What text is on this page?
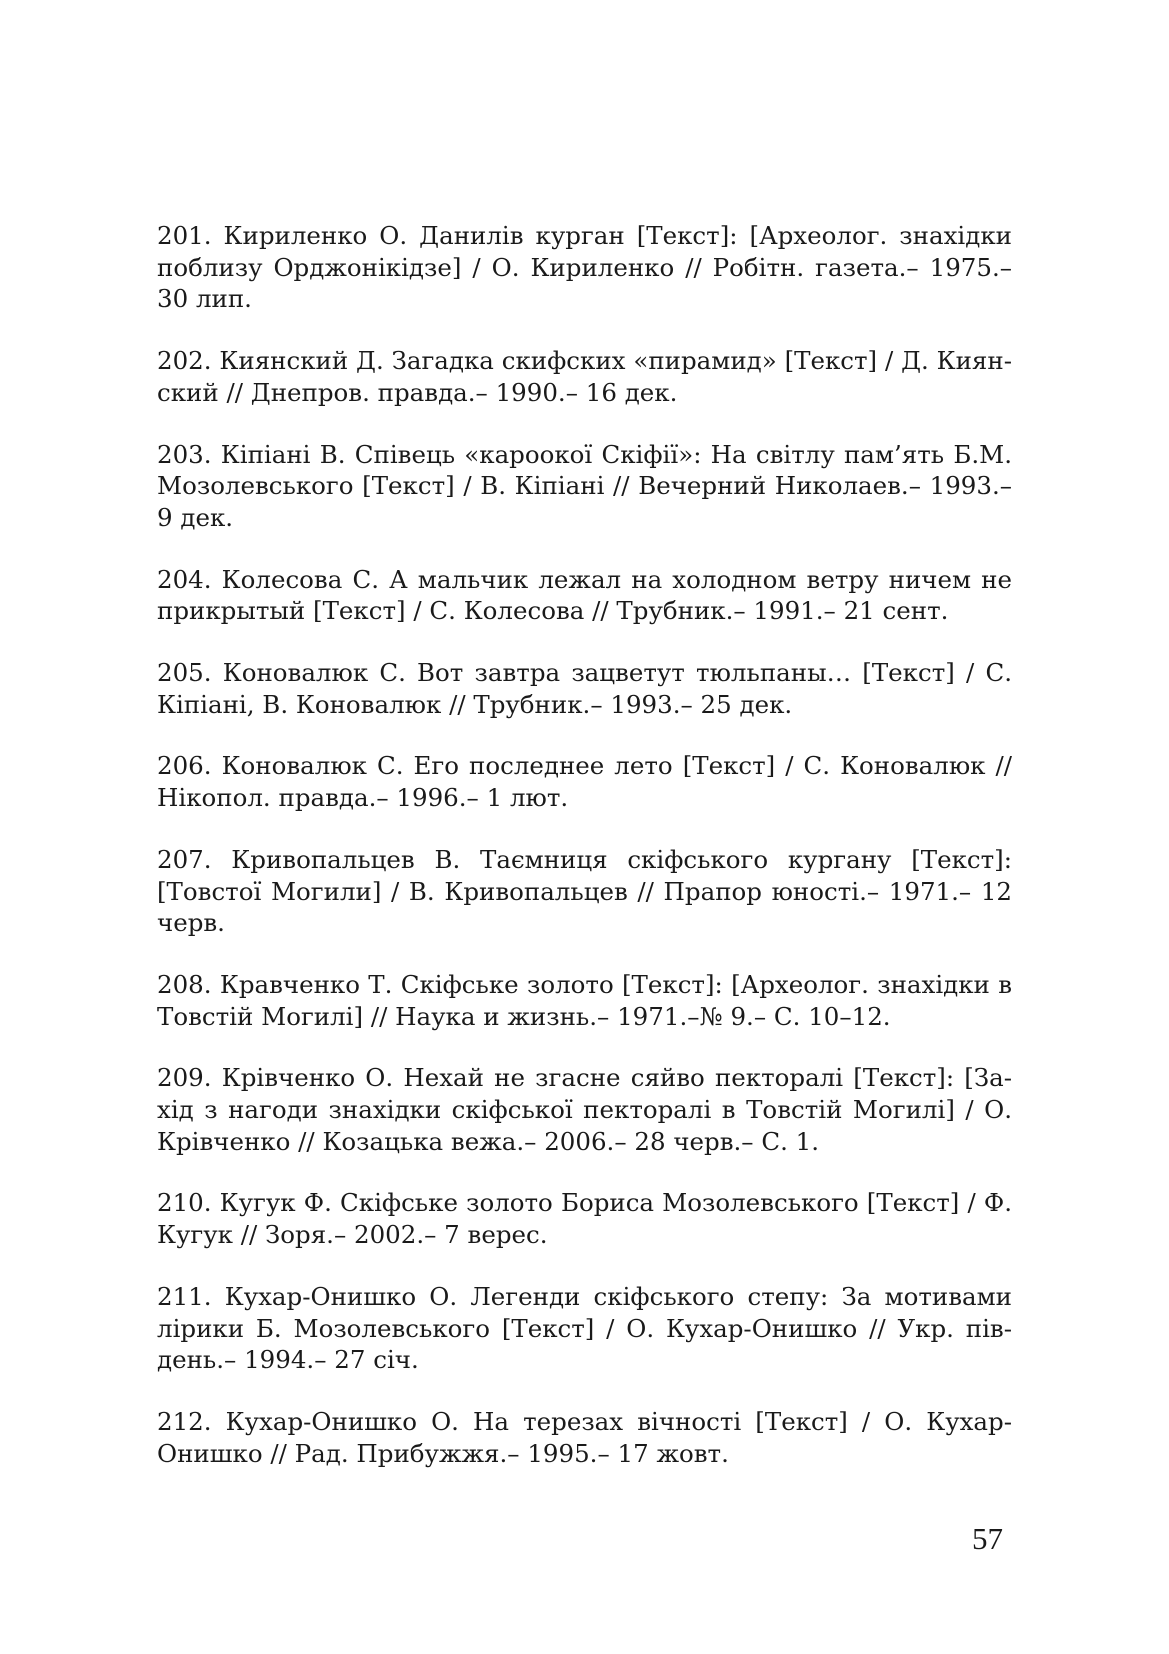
201. Кириленко О. Данилів курган [Текст]: [Археолог. знахідки поблизу Орджонікідзе] / О. Кириленко // Робітн. газета.– 1975.– 30 лип.
202. Киянский Д. Загадка скифских «пирамид» [Текст] / Д. Киянский // Днепров. правда.– 1990.– 16 дек.
203. Кіпіані В. Співець «кароокої Скіфії»: На світлу пам’ять Б.М. Мозолевського [Текст] / В. Кіпіані // Вечерний Николаев.– 1993.– 9 дек.
204. Колесова С. А мальчик лежал на холодном ветру ничем не прикрытый [Текст] / С. Колесова // Трубник.– 1991.– 21 сент.
205. Коновалюк С. Вот завтра зацветут тюльпаны… [Текст] / С. Кіпіані, В. Коновалюк // Трубник.– 1993.– 25 дек.
206. Коновалюк С. Его последнее лето [Текст] / С. Коновалюк // Нікопол. правда.– 1996.– 1 лют.
207. Кривопальцев В. Таємниця скіфського кургану [Текст]: [Товстої Могили] / В. Кривопальцев // Прапор юності.– 1971.– 12 черв.
208. Кравченко Т. Скіфське золото [Текст]: [Археолог. знахідки в Товстій Могилі] // Наука и жизнь.– 1971.–№ 9.– С. 10–12.
209. Крівченко О. Нехай не згасне сяйво пекторалі [Текст]: [Захід з нагоди знахідки скіфської пекторалі в Товстій Могилі] / О. Крівченко // Козацька вежа.– 2006.– 28 черв.– С. 1.
210. Кугук Ф. Скіфське золото Бориса Мозолевського [Текст] / Ф. Кугук // Зоря.– 2002.– 7 верес.
211. Кухар-Онишко О. Легенди скіфського степу: За мотивами лірики Б. Мозолевського [Текст] / О. Кухар-Онишко // Укр. південь.– 1994.– 27 січ.
212. Кухар-Онишко О. На терезах вічності [Текст] / О. Кухар-Онишко // Рад. Прибужжя.– 1995.– 17 жовт.
57
